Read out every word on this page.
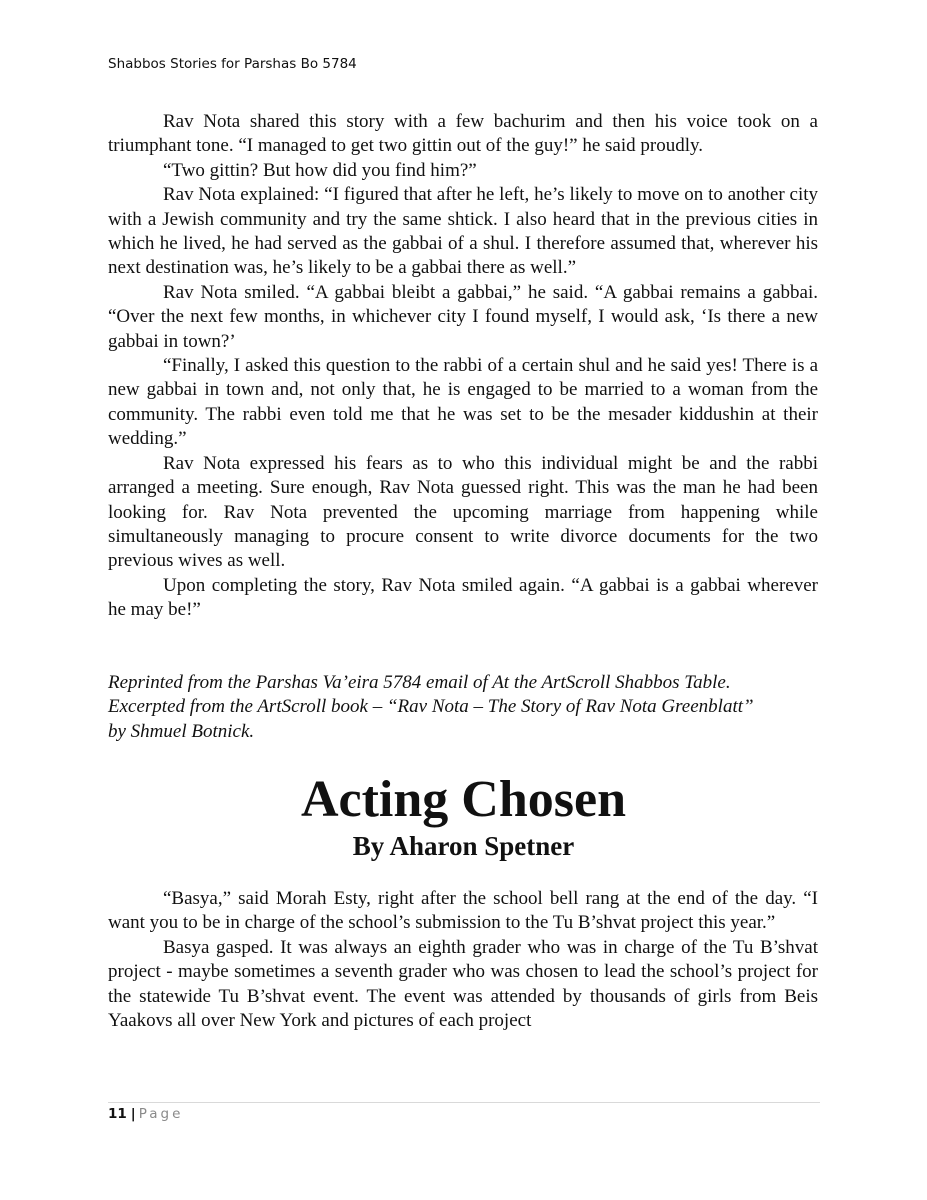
Shabbos Stories for Parshas Bo 5784

Rav Nota shared this story with a few bachurim and then his voice took on a triumphant tone. “I managed to get two gittin out of the guy!” he said proudly.

“Two gittin? But how did you find him?”

Rav Nota explained: “I figured that after he left, he’s likely to move on to another city with a Jewish community and try the same shtick. I also heard that in the previous cities in which he lived, he had served as the gabbai of a shul. I therefore assumed that, wherever his next destination was, he’s likely to be a gabbai there as well.”

Rav Nota smiled. “A gabbai bleibt a gabbai,” he said. “A gabbai remains a gabbai. “Over the next few months, in whichever city I found myself, I would ask, ‘Is there a new gabbai in town?’

“Finally, I asked this question to the rabbi of a certain shul and he said yes! There is a new gabbai in town and, not only that, he is engaged to be married to a woman from the community. The rabbi even told me that he was set to be the mesader kiddushin at their wedding.”

Rav Nota expressed his fears as to who this individual might be and the rabbi arranged a meeting. Sure enough, Rav Nota guessed right. This was the man he had been looking for. Rav Nota prevented the upcoming marriage from happening while simultaneously managing to procure consent to write divorce documents for the two previous wives as well.

Upon completing the story, Rav Nota smiled again. “A gabbai is a gabbai wherever he may be!”

Reprinted from the Parshas Va’eira 5784 email of At the ArtScroll Shabbos Table.
Excerpted from the ArtScroll book – “Rav Nota – The Story of Rav Nota Greenblatt”
by Shmuel Botnick.
Acting Chosen
By Aharon Spetner

“Basya,” said Morah Esty, right after the school bell rang at the end of the day. “I want you to be in charge of the school’s submission to the Tu B’shvat project this year.”

Basya gasped. It was always an eighth grader who was in charge of the Tu B’shvat project - maybe sometimes a seventh grader who was chosen to lead the school’s project for the statewide Tu B’shvat event. The event was attended by thousands of girls from Beis Yaakovs all over New York and pictures of each project

11 | Page
